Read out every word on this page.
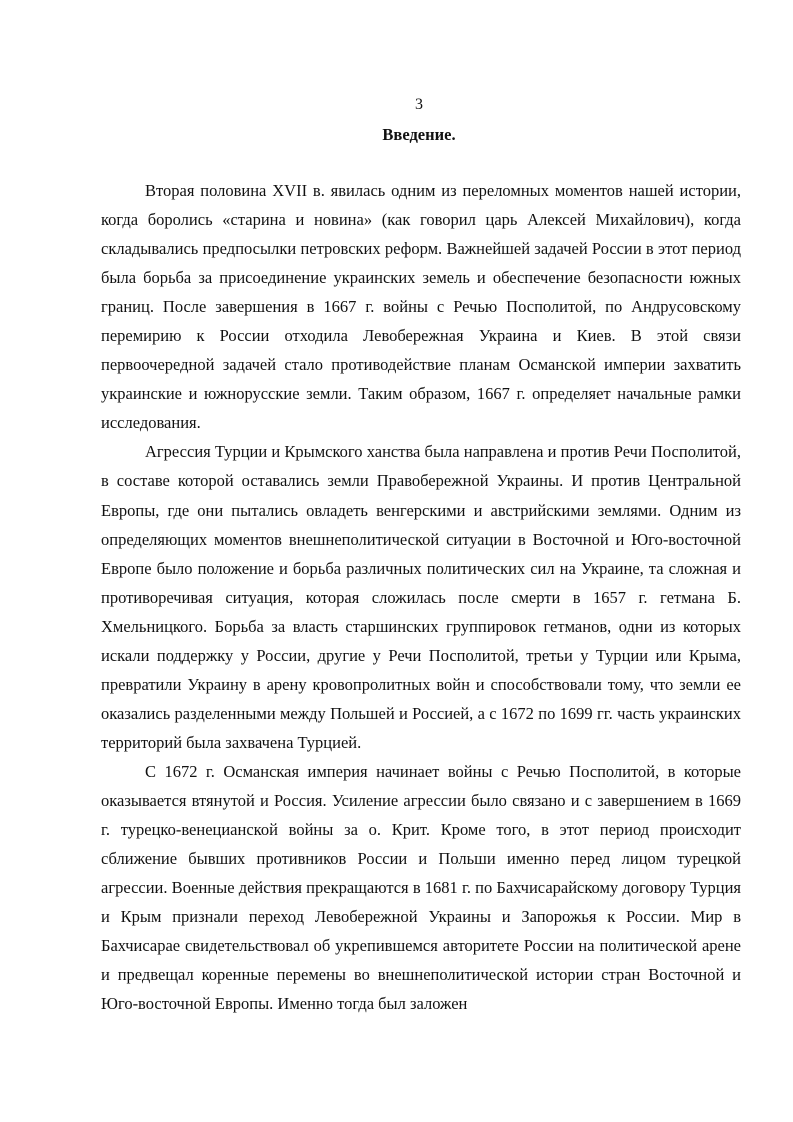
3
Введение.

Вторая половина XVII в. явилась одним из переломных моментов нашей истории, когда боролись «старина и новина» (как говорил царь Алексей Михайлович), когда складывались предпосылки петровских реформ. Важнейшей задачей России в этот период была борьба за присоединение украинских земель и обеспечение безопасности южных границ. После завершения в 1667 г. войны с Речью Посполитой, по Андрусовскому перемирию к России отходила Левобережная Украина и Киев. В этой связи первоочередной задачей стало противодействие планам Османской империи захватить украинские и южнорусские земли. Таким образом, 1667 г. определяет начальные рамки исследования.

Агрессия Турции и Крымского ханства была направлена и против Речи Посполитой, в составе которой оставались земли Правобережной Украины. И против Центральной Европы, где они пытались овладеть венгерскими и австрийскими землями. Одним из определяющих моментов внешнеполитической ситуации в Восточной и Юго-восточной Европе было положение и борьба различных политических сил на Украине, та сложная и противоречивая ситуация, которая сложилась после смерти в 1657 г. гетмана Б. Хмельницкого. Борьба за власть старшинских группировок гетманов, одни из которых искали поддержку у России, другие у Речи Посполитой, третьи у Турции или Крыма, превратили Украину в арену кровопролитных войн и способствовали тому, что земли ее оказались разделенными между Польшей и Россией, а с 1672 по 1699 гг. часть украинских территорий была захвачена Турцией.

С 1672 г. Османская империя начинает войны с Речью Посполитой, в которые оказывается втянутой и Россия. Усиление агрессии было связано и с завершением в 1669 г. турецко-венецианской войны за о. Крит. Кроме того, в этот период происходит сближение бывших противников России и Польши именно перед лицом турецкой агрессии. Военные действия прекращаются в 1681 г. по Бахчисарайскому договору Турция и Крым признали переход Левобережной Украины и Запорожья к России. Мир в Бахчисарае свидетельствовал об укрепившемся авторитете России на политической арене и предвещал коренные перемены во внешнеполитической истории стран Восточной и Юго-восточной Европы. Именно тогда был заложен
